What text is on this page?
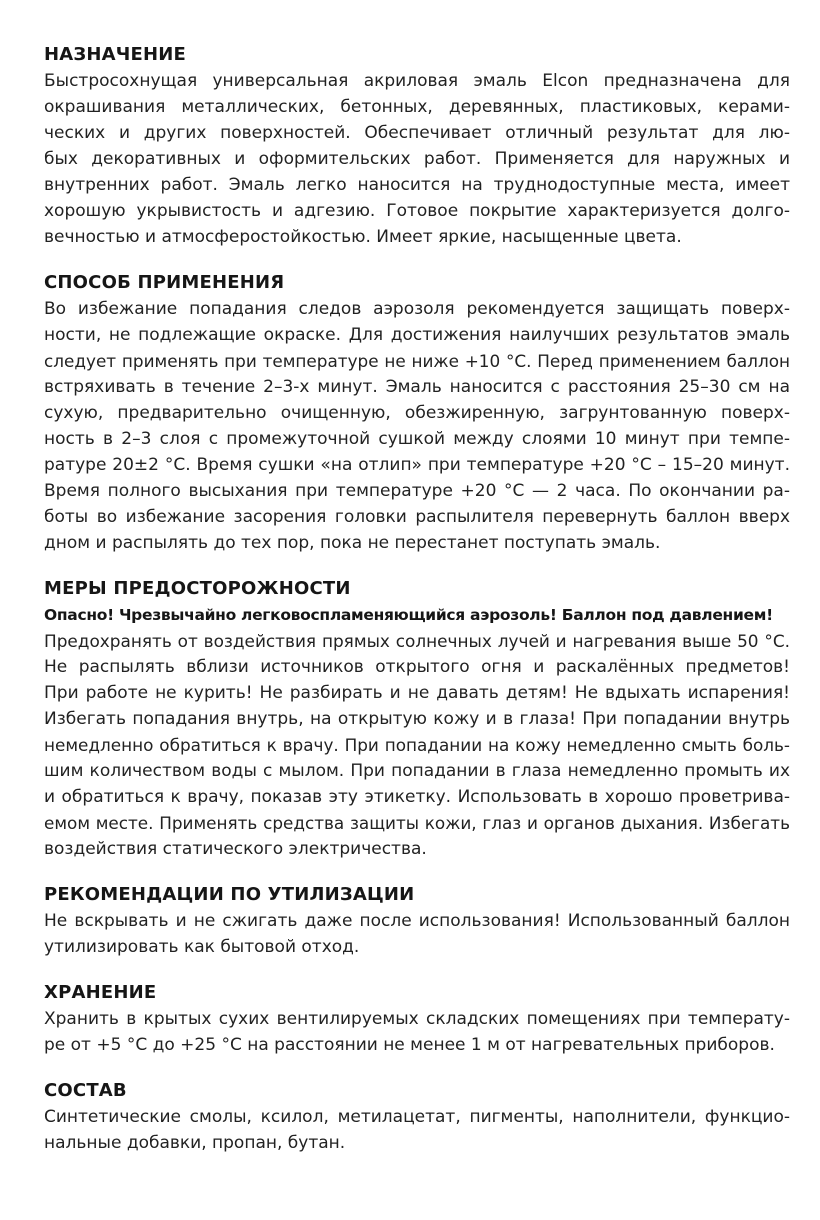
НАЗНАЧЕНИЕ
Быстросохнущая универсальная акриловая эмаль Elcon предназначена для
окрашивания металлических, бетонных, деревянных, пластиковых, керами-
ческих и других поверхностей. Обеспечивает отличный результат для лю-
бых декоративных и оформительских работ. Применяется для наружных и
внутренних работ. Эмаль легко наносится на труднодоступные места, имеет
хорошую укрывистость и адгезию. Готовое покрытие характеризуется долго-
вечностью и атмосферостойкостью. Имеет яркие, насыщенные цвета.
СПОСОБ ПРИМЕНЕНИЯ
Во избежание попадания следов аэрозоля рекомендуется защищать поверх-
ности, не подлежащие окраске. Для достижения наилучших результатов эмаль
следует применять при температуре не ниже +10 °С. Перед применением баллон
встряхивать в течение 2–3-х минут. Эмаль наносится с расстояния 25–30 см на
сухую, предварительно очищенную, обезжиренную, загрунтованную поверх-
ность в 2–3 слоя с промежуточной сушкой между слоями 10 минут при темпе-
ратуре 20±2 °С. Время сушки «на отлип» при температуре +20 °С – 15–20 минут.
Время полного высыхания при температуре +20 °С — 2 часа. По окончании ра-
боты во избежание засорения головки распылителя перевернуть баллон вверх
дном и распылять до тех пор, пока не перестанет поступать эмаль.
МЕРЫ ПРЕДОСТОРОЖНОСТИ
Опасно! Чрезвычайно легковоспламеняющийся аэрозоль! Баллон под давлением!
Предохранять от воздействия прямых солнечных лучей и нагревания выше 50 °С.
Не распылять вблизи источников открытого огня и раскалённых предметов!
При работе не курить! Не разбирать и не давать детям! Не вдыхать испарения!
Избегать попадания внутрь, на открытую кожу и в глаза! При попадании внутрь
немедленно обратиться к врачу. При попадании на кожу немедленно смыть боль-
шим количеством воды с мылом. При попадании в глаза немедленно промыть их
и обратиться к врачу, показав эту этикетку. Использовать в хорошо проветрива-
емом месте. Применять средства защиты кожи, глаз и органов дыхания. Избегать
воздействия статического электричества.
РЕКОМЕНДАЦИИ ПО УТИЛИЗАЦИИ
Не вскрывать и не сжигать даже после использования! Использованный баллон
утилизировать как бытовой отход.
ХРАНЕНИЕ
Хранить в крытых сухих вентилируемых складских помещениях при температу-
ре от +5 °С до +25 °С на расстоянии не менее 1 м от нагревательных приборов.
СОСТАВ
Синтетические смолы, ксилол, метилацетат, пигменты, наполнители, функцио-
нальные добавки, пропан, бутан.
